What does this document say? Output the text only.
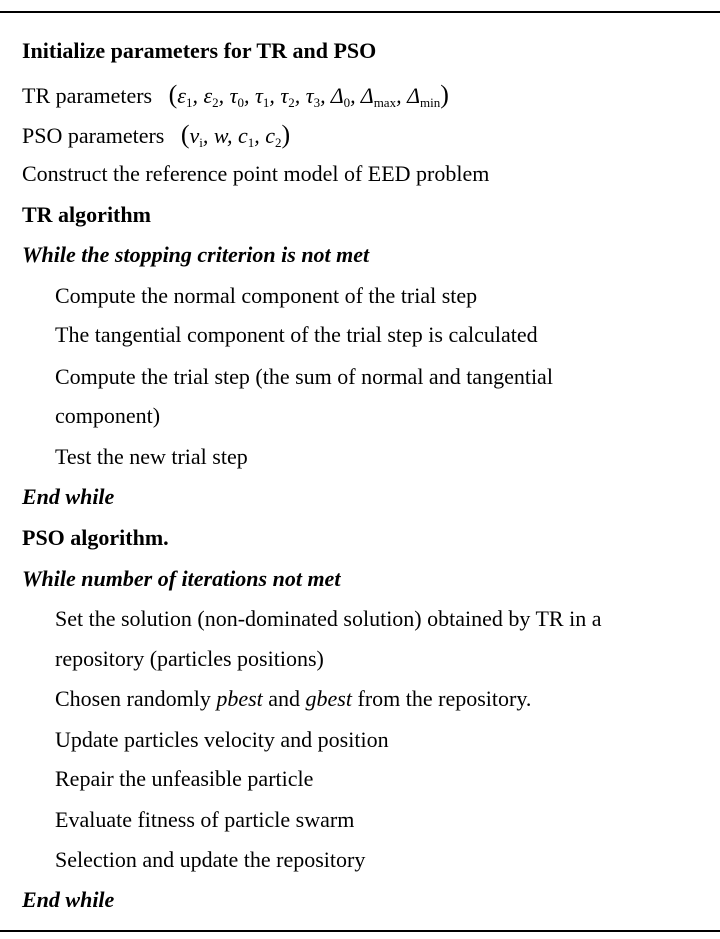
Initialize parameters for TR and PSO
TR parameters ($\varepsilon_1$, $\varepsilon_2$, $\tau_0$, $\tau_1$, $\tau_2$, $\tau_3$, $\Delta_0$, $\Delta_{max}$, $\Delta_{min}$)
PSO parameters ($v_i$, w, $c_1$, $c_2$)
Construct the reference point model of EED problem
TR algorithm
While the stopping criterion is not met
Compute the normal component of the trial step
The tangential component of the trial step is calculated
Compute the trial step (the sum of normal and tangential
component)
Test the new trial step
End while
PSO algorithm.
While number of iterations not met
Set the solution (non-dominated solution) obtained by TR in a
repository (particles positions)
Chosen randomly pbest and gbest from the repository.
Update particles velocity and position
Repair the unfeasible particle
Evaluate fitness of particle swarm
Selection and update the repository
End while
